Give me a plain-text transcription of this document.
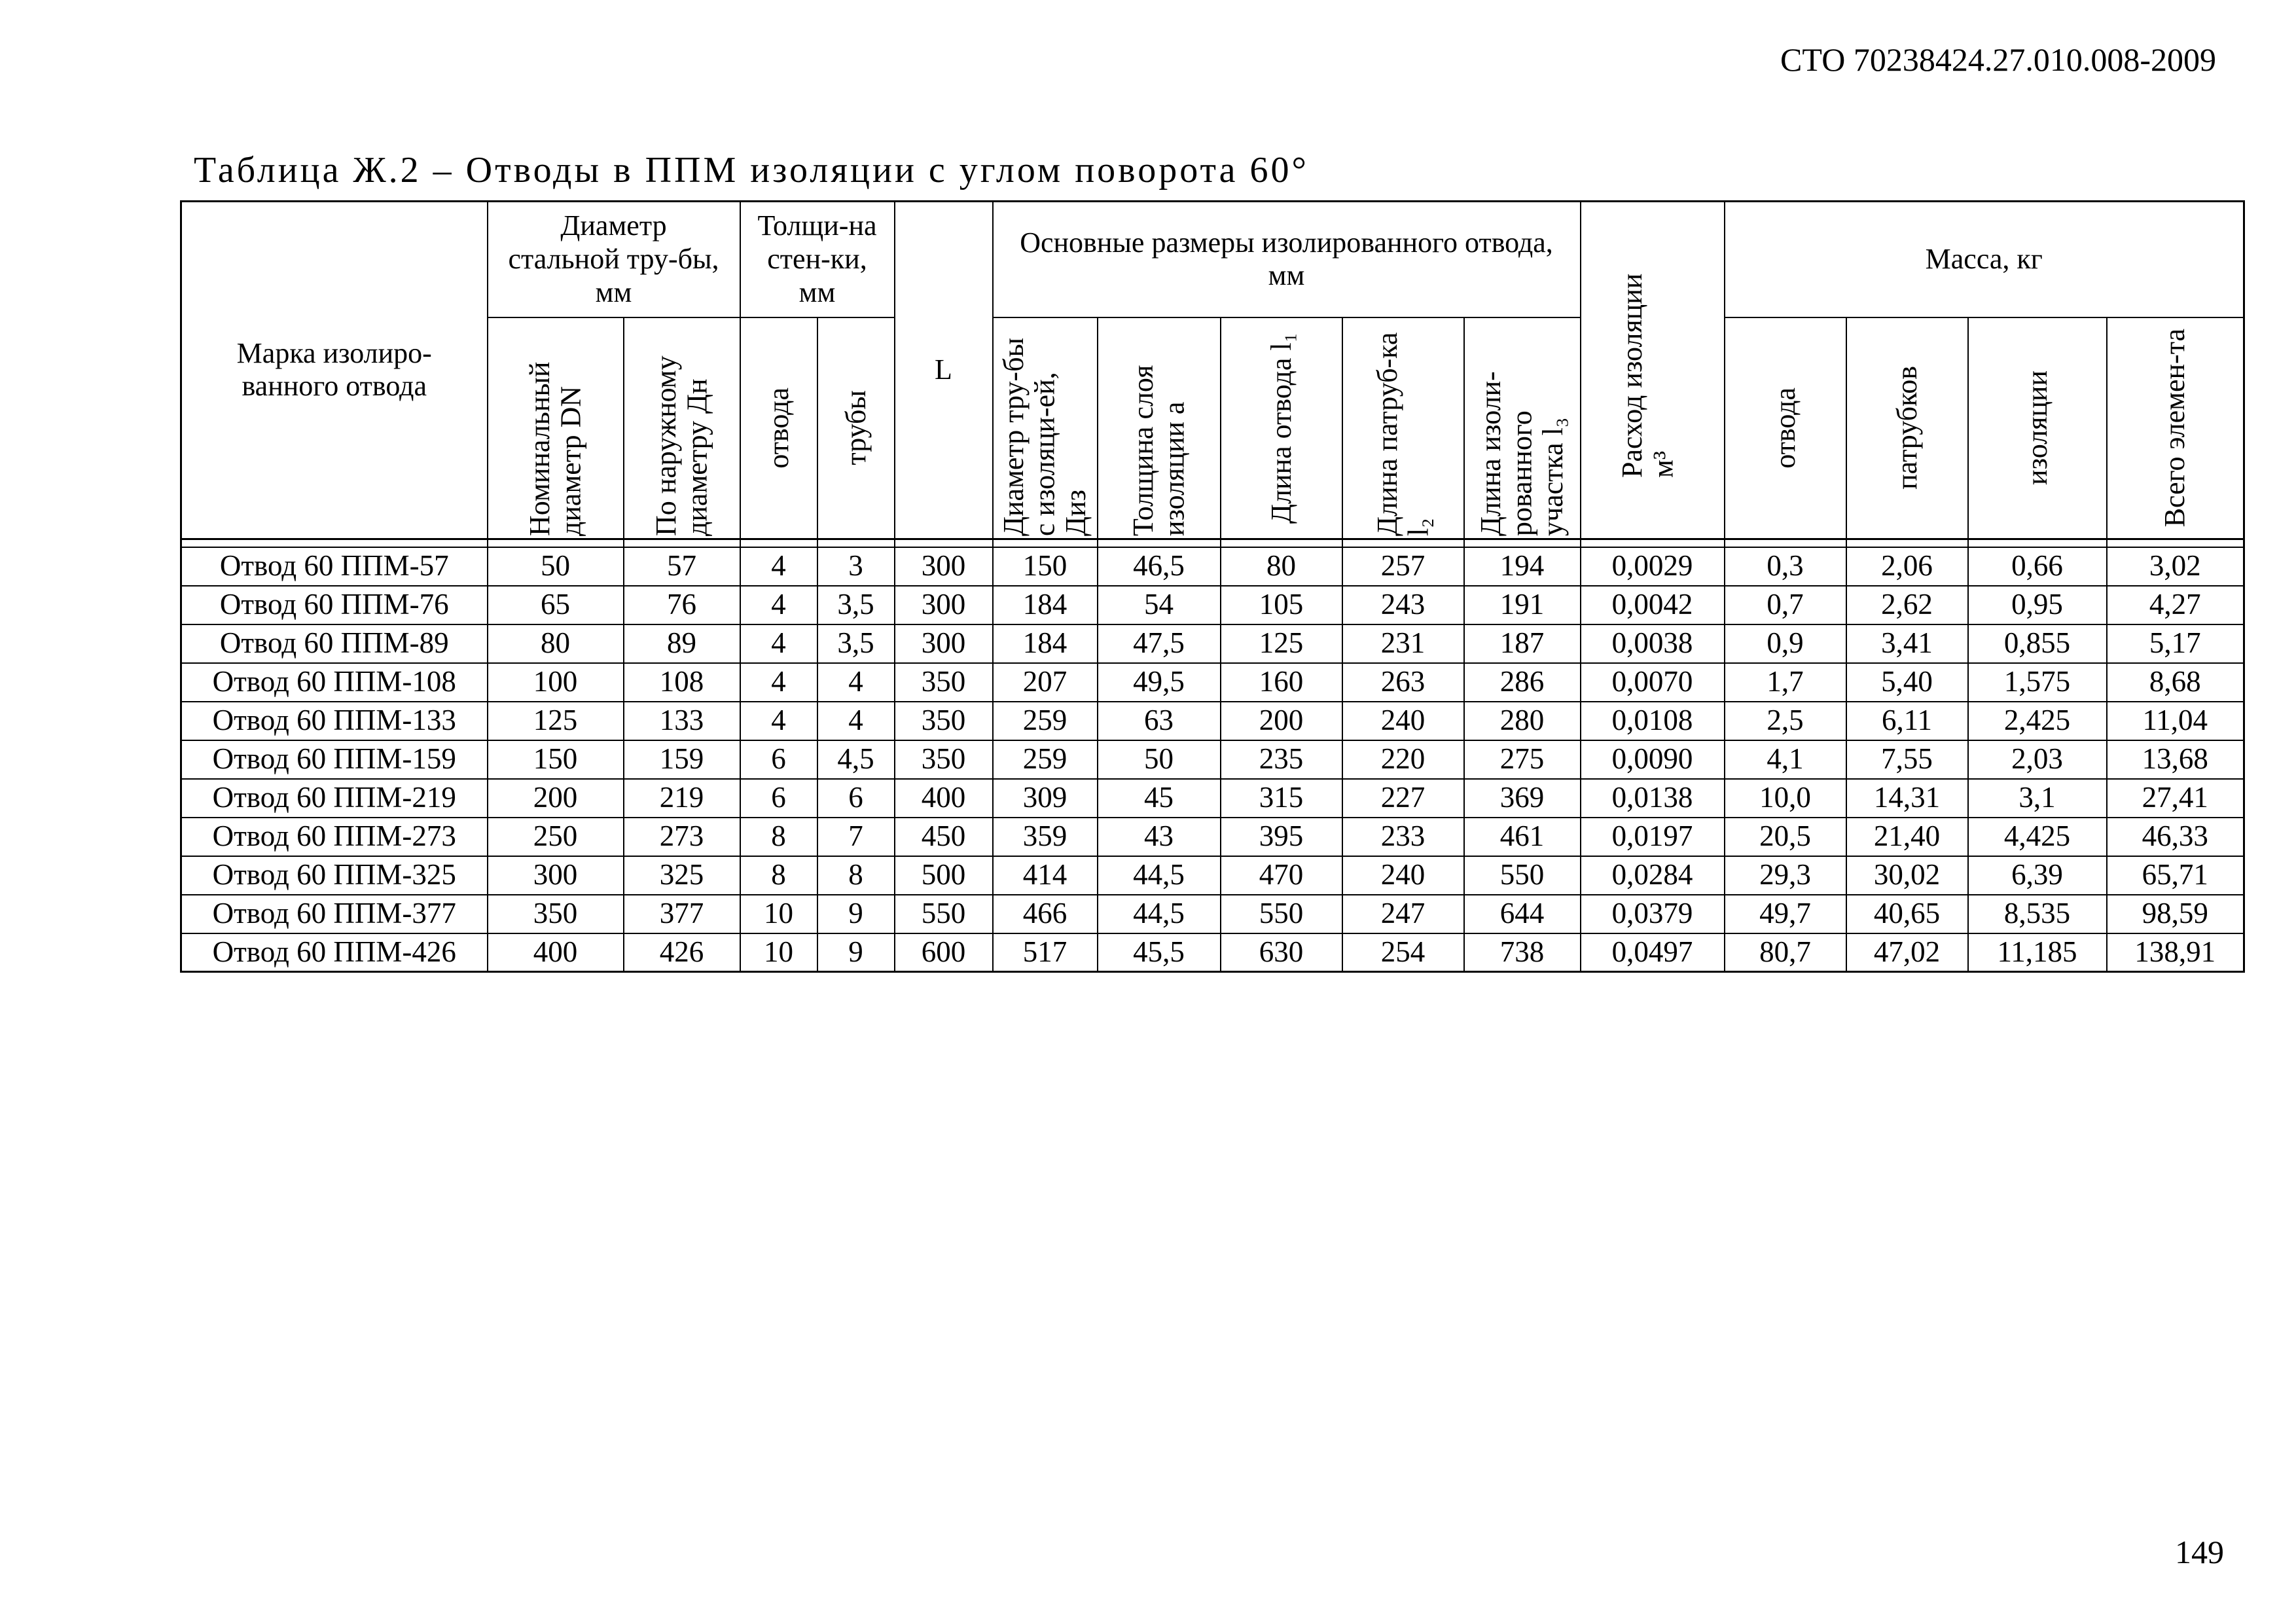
СТО 70238424.27.010.008-2009
Таблица Ж.2 – Отводы в ППМ изоляции с углом поворота 60°
Марка изолиро-ванного отвода	Диаметр стальной тру-бы, мм		Толщи-на стен-ки, мм		L	Основные размеры изолированного отвода, мм					Расход изоляции м³	Масса, кг			

	Номинальный диаметр DN	По наружному диаметру Дн	отвода	трубы		Диаметр тру-бы с изоляци-ей, Диз	Толщина слоя изоляции а	Длина отвода l₁	Длина патруб-ка l₂	Длина изоли-рованного участка l₃		отвода	патрубков	изоляции	Всего элемен-та

Отвод 60 ППМ-57	50	57	4	3	300	150	46,5	80	257	194	0,0029	0,3	2,06	0,66	3,02
Отвод 60 ППМ-76	65	76	4	3,5	300	184	54	105	243	191	0,0042	0,7	2,62	0,95	4,27
Отвод 60 ППМ-89	80	89	4	3,5	300	184	47,5	125	231	187	0,0038	0,9	3,41	0,855	5,17
Отвод 60 ППМ-108	100	108	4	4	350	207	49,5	160	263	286	0,0070	1,7	5,40	1,575	8,68
Отвод 60 ППМ-133	125	133	4	4	350	259	63	200	240	280	0,0108	2,5	6,11	2,425	11,04
Отвод 60 ППМ-159	150	159	6	4,5	350	259	50	235	220	275	0,0090	4,1	7,55	2,03	13,68
Отвод 60 ППМ-219	200	219	6	6	400	309	45	315	227	369	0,0138	10,0	14,31	3,1	27,41
Отвод 60 ППМ-273	250	273	8	7	450	359	43	395	233	461	0,0197	20,5	21,40	4,425	46,33
Отвод 60 ППМ-325	300	325	8	8	500	414	44,5	470	240	550	0,0284	29,3	30,02	6,39	65,71
Отвод 60 ППМ-377	350	377	10	9	550	466	44,5	550	247	644	0,0379	49,7	40,65	8,535	98,59
Отвод 60 ППМ-426	400	426	10	9	600	517	45,5	630	254	738	0,0497	80,7	47,02	11,185	138,91
149
